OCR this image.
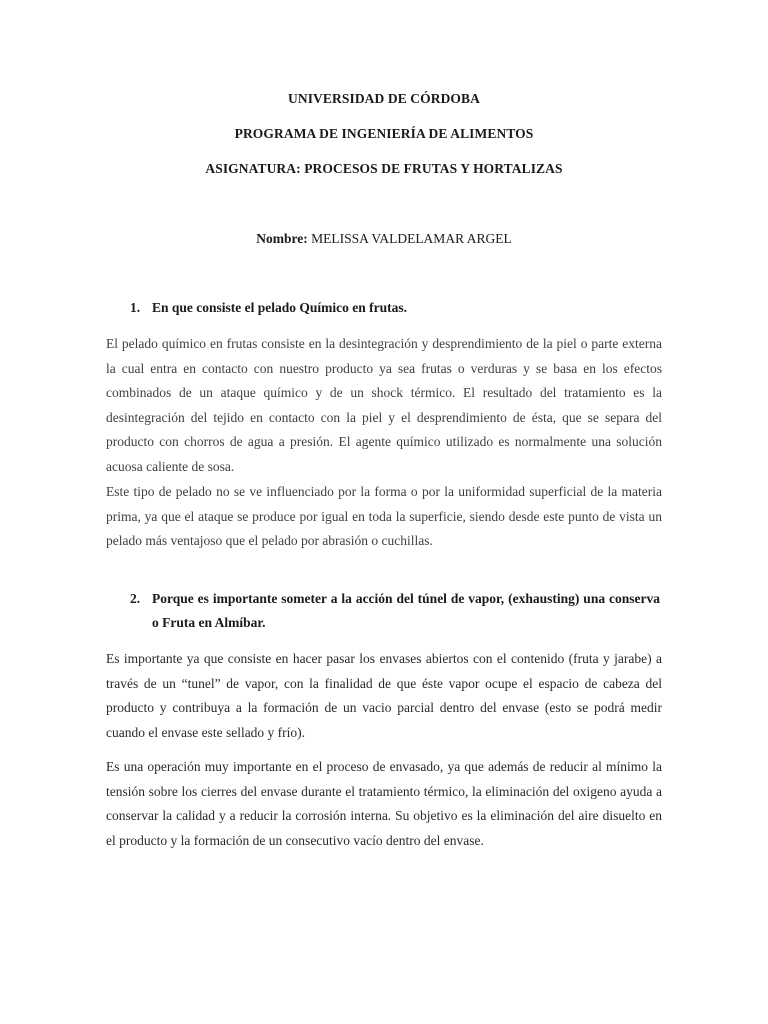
UNIVERSIDAD DE CÓRDOBA
PROGRAMA DE INGENIERÍA DE ALIMENTOS
ASIGNATURA: PROCESOS DE FRUTAS Y HORTALIZAS
Nombre: MELISSA VALDELAMAR ARGEL
1. En que consiste el pelado Químico en frutas.
El pelado químico en frutas consiste en la desintegración y desprendimiento de la piel o parte externa la cual entra en contacto con nuestro producto ya sea frutas o verduras y se basa en los efectos combinados de un ataque químico y de un shock térmico. El resultado del tratamiento es la desintegración del tejido en contacto con la piel y el desprendimiento de ésta, que se separa del producto con chorros de agua a presión. El agente químico utilizado es normalmente una solución acuosa caliente de sosa.
Este tipo de pelado no se ve influenciado por la forma o por la uniformidad superficial de la materia prima, ya que el ataque se produce por igual en toda la superficie, siendo desde este punto de vista un pelado más ventajoso que el pelado por abrasión o cuchillas.
2. Porque es importante someter a la acción del túnel de vapor, (exhausting) una conserva o Fruta en Almíbar.
Es importante ya que consiste en hacer pasar los envases abiertos con el contenido (fruta y jarabe) a través de un “tunel” de vapor, con la finalidad de que éste vapor ocupe el espacio de cabeza del producto y contribuya a la formación de un vacio parcial dentro del envase (esto se podrá medir cuando el envase este sellado y frío).
Es una operación muy importante en el proceso de envasado, ya que además de reducir al mínimo la tensión sobre los cierres del envase durante el tratamiento térmico, la eliminación del oxigeno ayuda a conservar la calidad y a reducir la corrosión interna. Su objetivo es la eliminación del aire disuelto en el producto y la formación de un consecutivo vacío dentro del envase.
